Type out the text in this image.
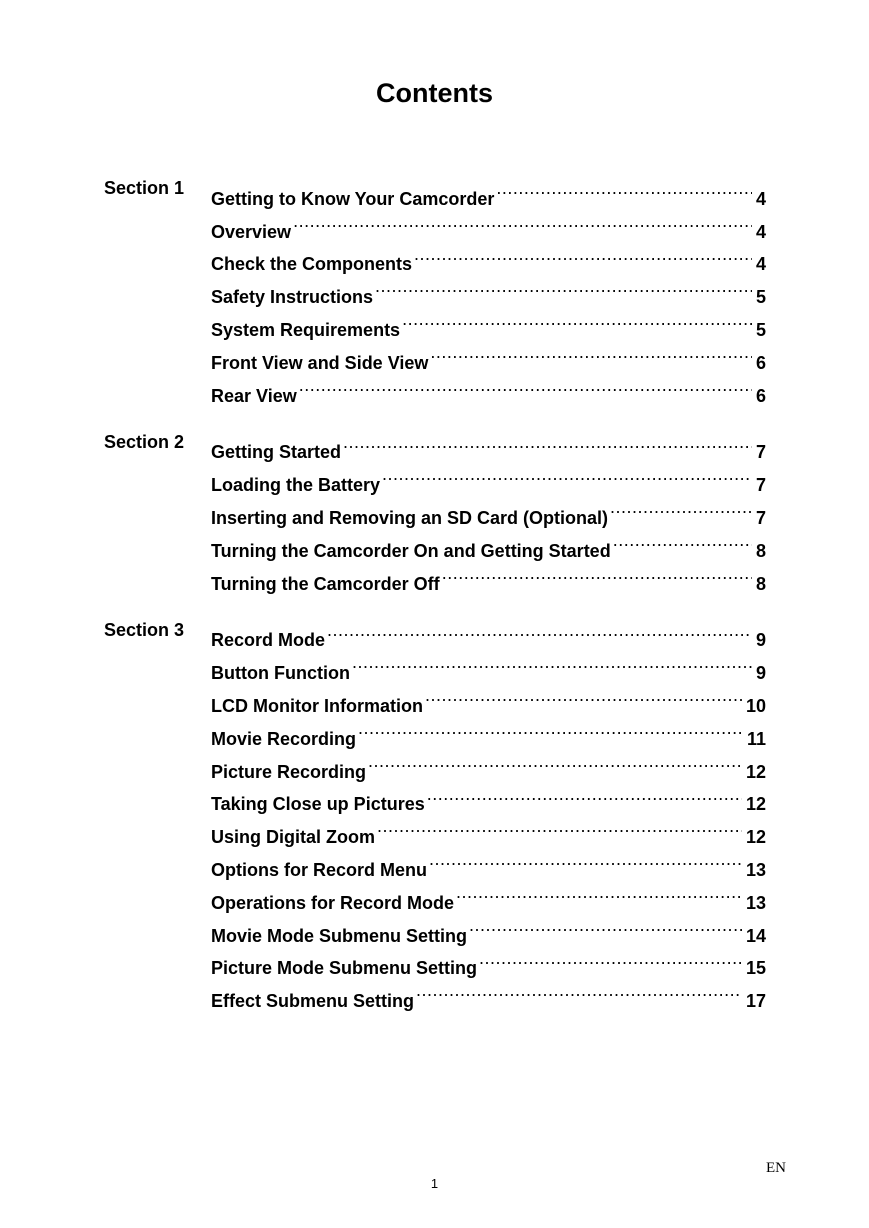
Contents
Section 1
Getting to Know Your Camcorder .....	4
Overview .....	4
Check the Components .....	4
Safety Instructions .....	5
System Requirements .....	5
Front View and Side View .....	6
Rear View .....	6
Section 2
Getting Started .....	7
Loading the Battery .....	7
Inserting and Removing an SD Card (Optional) .....	7
Turning the Camcorder On and Getting Started .....	8
Turning the Camcorder Off .....	8
Section 3
Record Mode .....	9
Button Function .....	9
LCD Monitor Information .....	10
Movie Recording .....	11
Picture Recording .....	12
Taking Close up Pictures .....	12
Using Digital Zoom .....	12
Options for Record Menu .....	13
Operations for Record Mode .....	13
Movie Mode Submenu Setting .....	14
Picture Mode Submenu Setting .....	15
Effect Submenu Setting .....	17
EN
1
